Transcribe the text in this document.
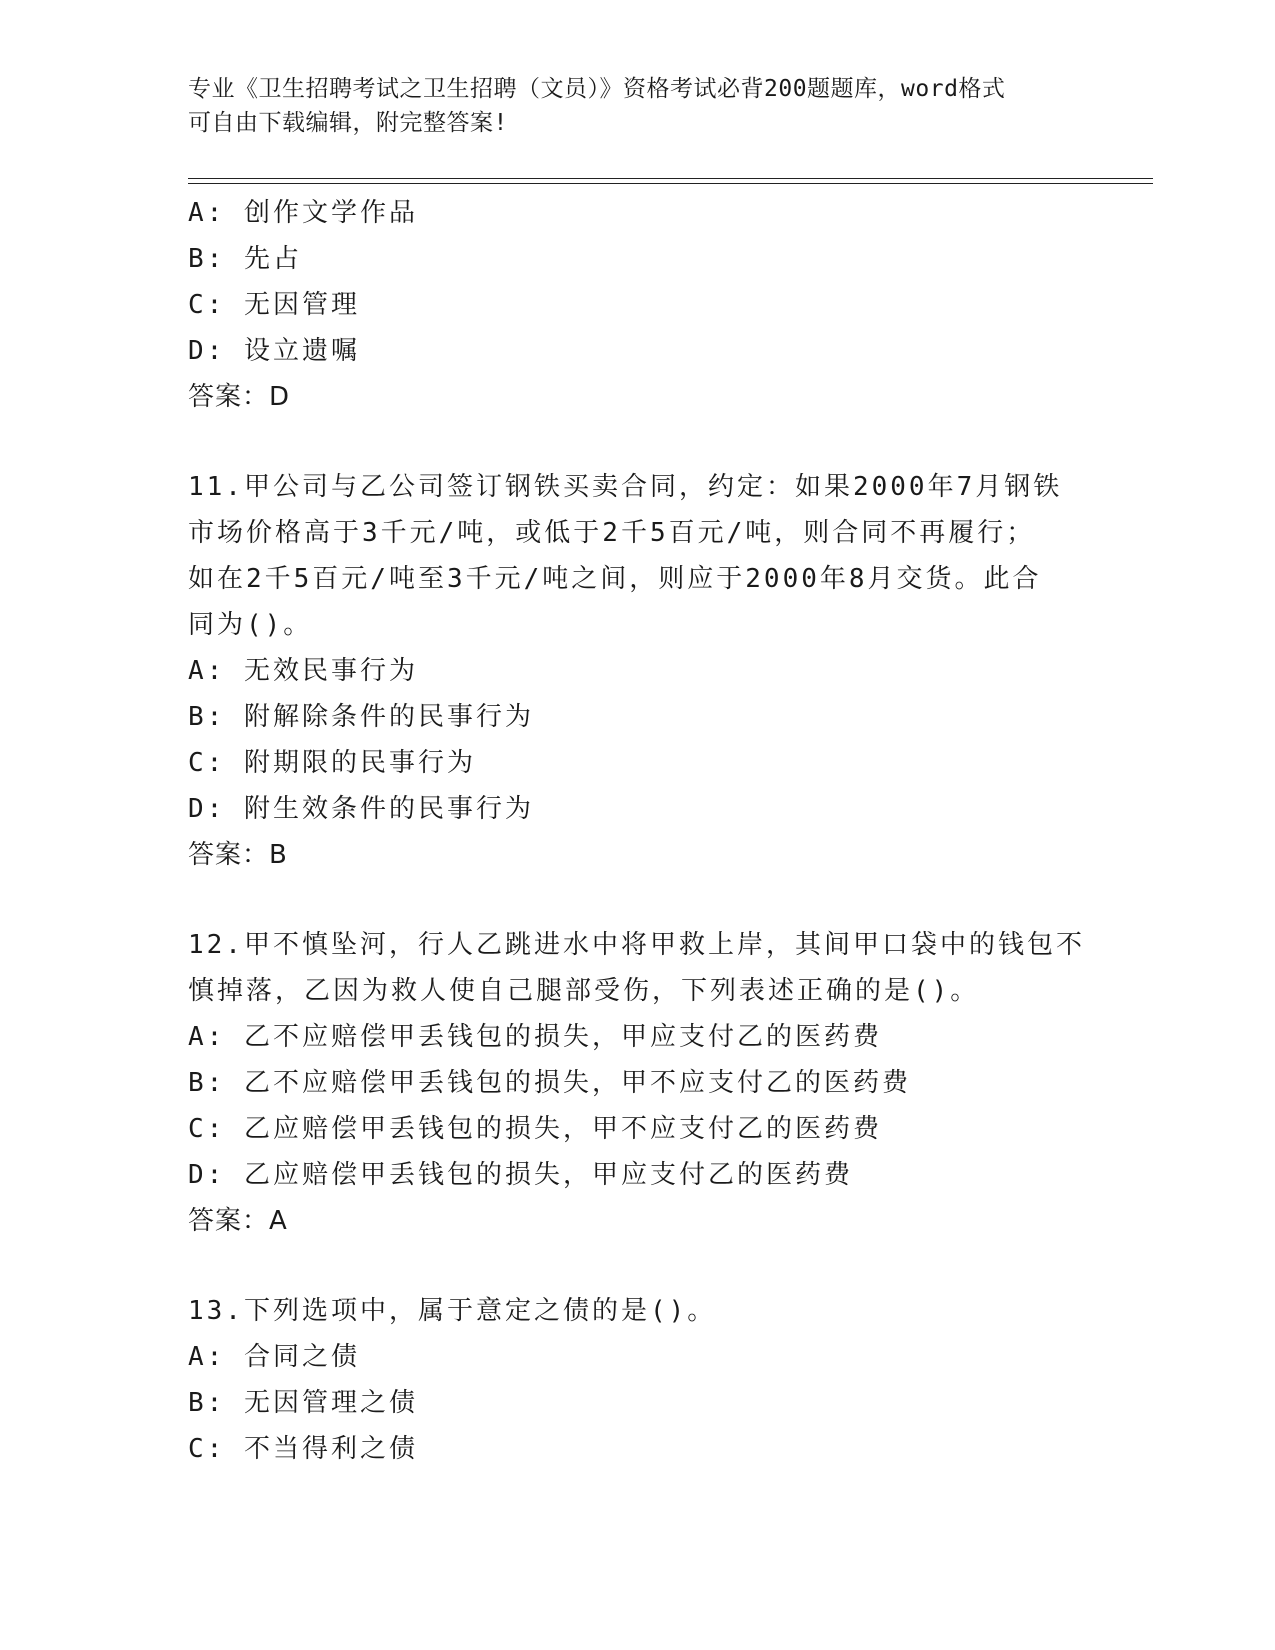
专业《卫生招聘考试之卫生招聘（文员）》资格考试必背200题题库，word格式
可自由下载编辑，附完整答案!
A: 创作文学作品
B: 先占
C: 无因管理
D: 设立遗嘱
答案：D
11.甲公司与乙公司签订钢铁买卖合同，约定：如果2000年7月钢铁
市场价格高于3千元/吨，或低于2千5百元/吨，则合同不再履行；
如在2千5百元/吨至3千元/吨之间，则应于2000年8月交货。此合
同为()。
A: 无效民事行为
B: 附解除条件的民事行为
C: 附期限的民事行为
D: 附生效条件的民事行为
答案：B
12.甲不慎坠河，行人乙跳进水中将甲救上岸，其间甲口袋中的钱包不
慎掉落，乙因为救人使自己腿部受伤，下列表述正确的是()。
A: 乙不应赔偿甲丢钱包的损失，甲应支付乙的医药费
B: 乙不应赔偿甲丢钱包的损失，甲不应支付乙的医药费
C: 乙应赔偿甲丢钱包的损失，甲不应支付乙的医药费
D: 乙应赔偿甲丢钱包的损失，甲应支付乙的医药费
答案：A
13.下列选项中，属于意定之债的是()。
A: 合同之债
B: 无因管理之债
C: 不当得利之债
